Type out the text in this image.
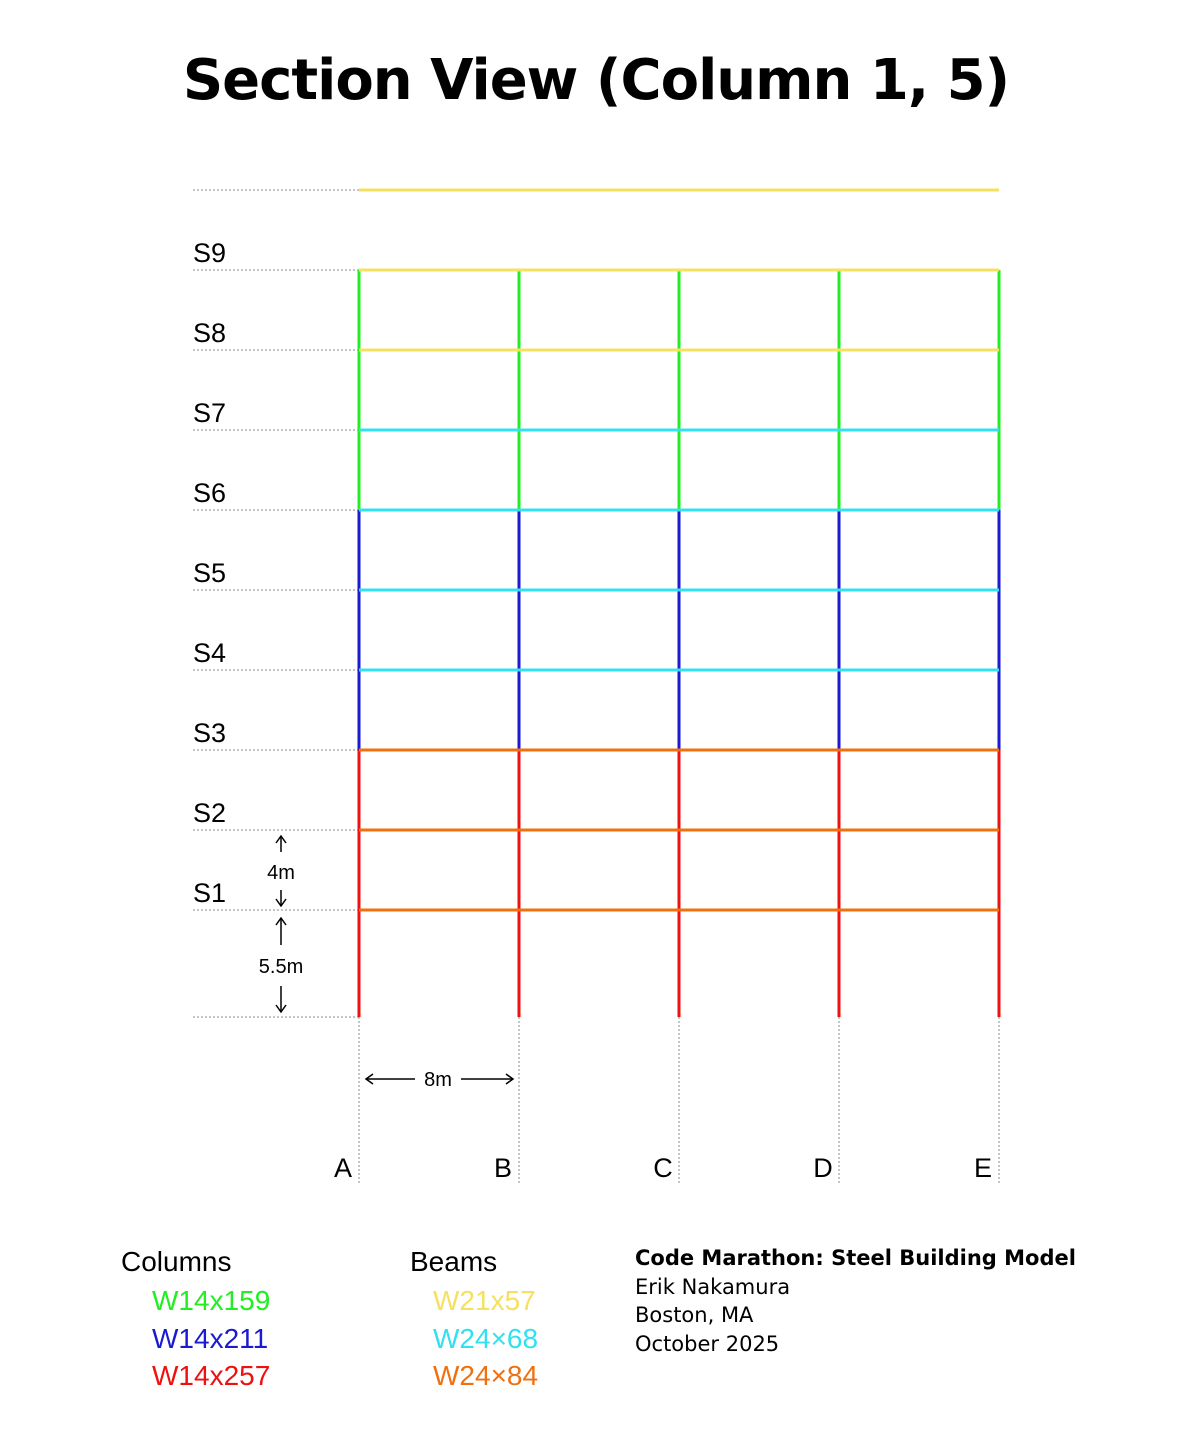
Section View (Column 1, 5)
S1
S2
S3
S4
S5
S6
S7
S8
S9
A	B	C	D	E
4m
5.5m
8m
Columns
W14x159
W14x211
W14x257
Beams
W21x57
W24×68
W24×84
Code Marathon: Steel Building Model
Erik Nakamura
Boston, MA
October 2025
